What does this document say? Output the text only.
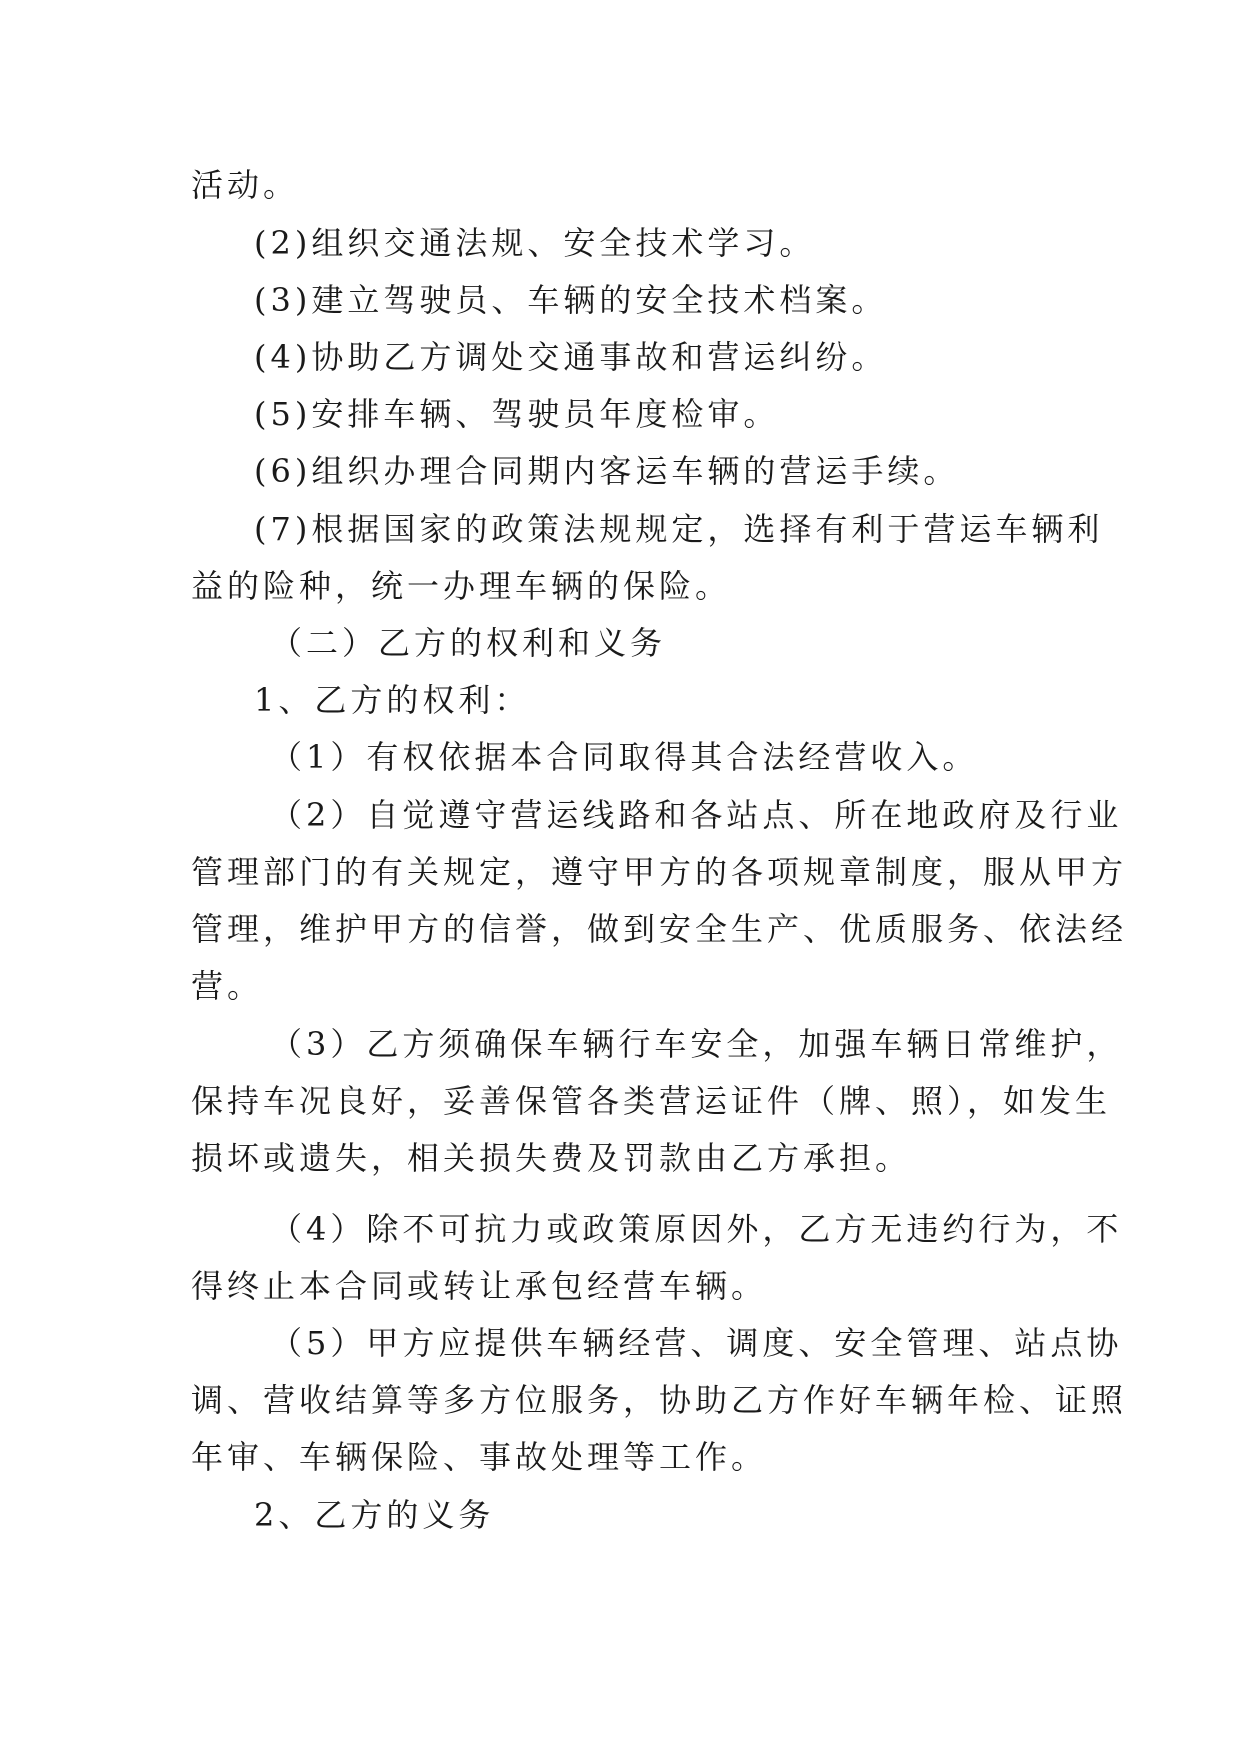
活动。
(2)组织交通法规、安全技术学习。
(3)建立驾驶员、车辆的安全技术档案。
(4)协助乙方调处交通事故和营运纠纷。
(5)安排车辆、驾驶员年度检审。
(6)组织办理合同期内客运车辆的营运手续。
(7)根据国家的政策法规规定，选择有利于营运车辆利
益的险种，统一办理车辆的保险。
（二）乙方的权利和义务
1、乙方的权利：
（1）有权依据本合同取得其合法经营收入。
（2）自觉遵守营运线路和各站点、所在地政府及行业
管理部门的有关规定，遵守甲方的各项规章制度，服从甲方
管理，维护甲方的信誉，做到安全生产、优质服务、依法经
营。
（3）乙方须确保车辆行车安全，加强车辆日常维护，
保持车况良好，妥善保管各类营运证件（牌、照），如发生
损坏或遗失，相关损失费及罚款由乙方承担。
（4）除不可抗力或政策原因外，乙方无违约行为，不
得终止本合同或转让承包经营车辆。
（5）甲方应提供车辆经营、调度、安全管理、站点协
调、营收结算等多方位服务，协助乙方作好车辆年检、证照
年审、车辆保险、事故处理等工作。
2、乙方的义务
